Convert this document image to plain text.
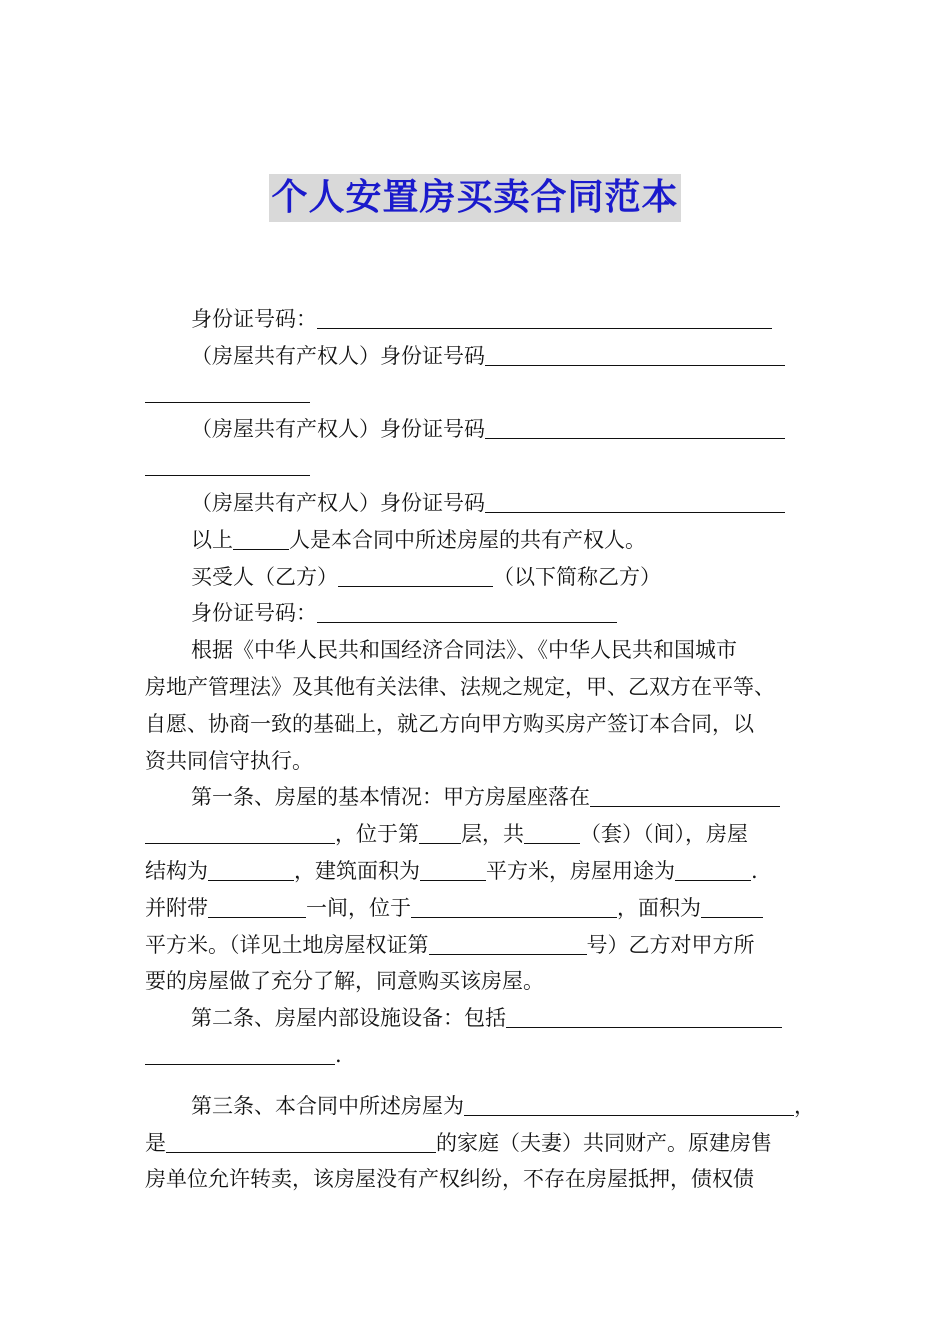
个人安置房买卖合同范本
身份证号码：
（房屋共有产权人）身份证号码
（房屋共有产权人）身份证号码
（房屋共有产权人）身份证号码
以上	人是本合同中所述房屋的共有产权人。
买受人（乙方）	（以下简称乙方）
身份证号码：
根据《中华人民共和国经济合同法》、《中华人民共和国城市
房地产管理法》及其他有关法律、法规之规定，甲、乙双方在平等、
自愿、协商一致的基础上，就乙方向甲方购买房产签订本合同，以
资共同信守执行。
第一条、房屋的基本情况：甲方房屋座落在
，位于第 层，共	（套）（间），房屋
结构为	，建筑面积为	平方米，房屋用途为	.
并附带	一间，位于	，面积为
平方米。（详见土地房屋权证第	号）乙方对甲方所
要的房屋做了充分了解，同意购买该房屋。
第二条、房屋内部设施设备：包括
.
第三条、本合同中所述房屋为	，
是	的家庭（夫妻）共同财产。原建房售
房单位允许转卖，该房屋没有产权纠纷，不存在房屋抵押，债权债
